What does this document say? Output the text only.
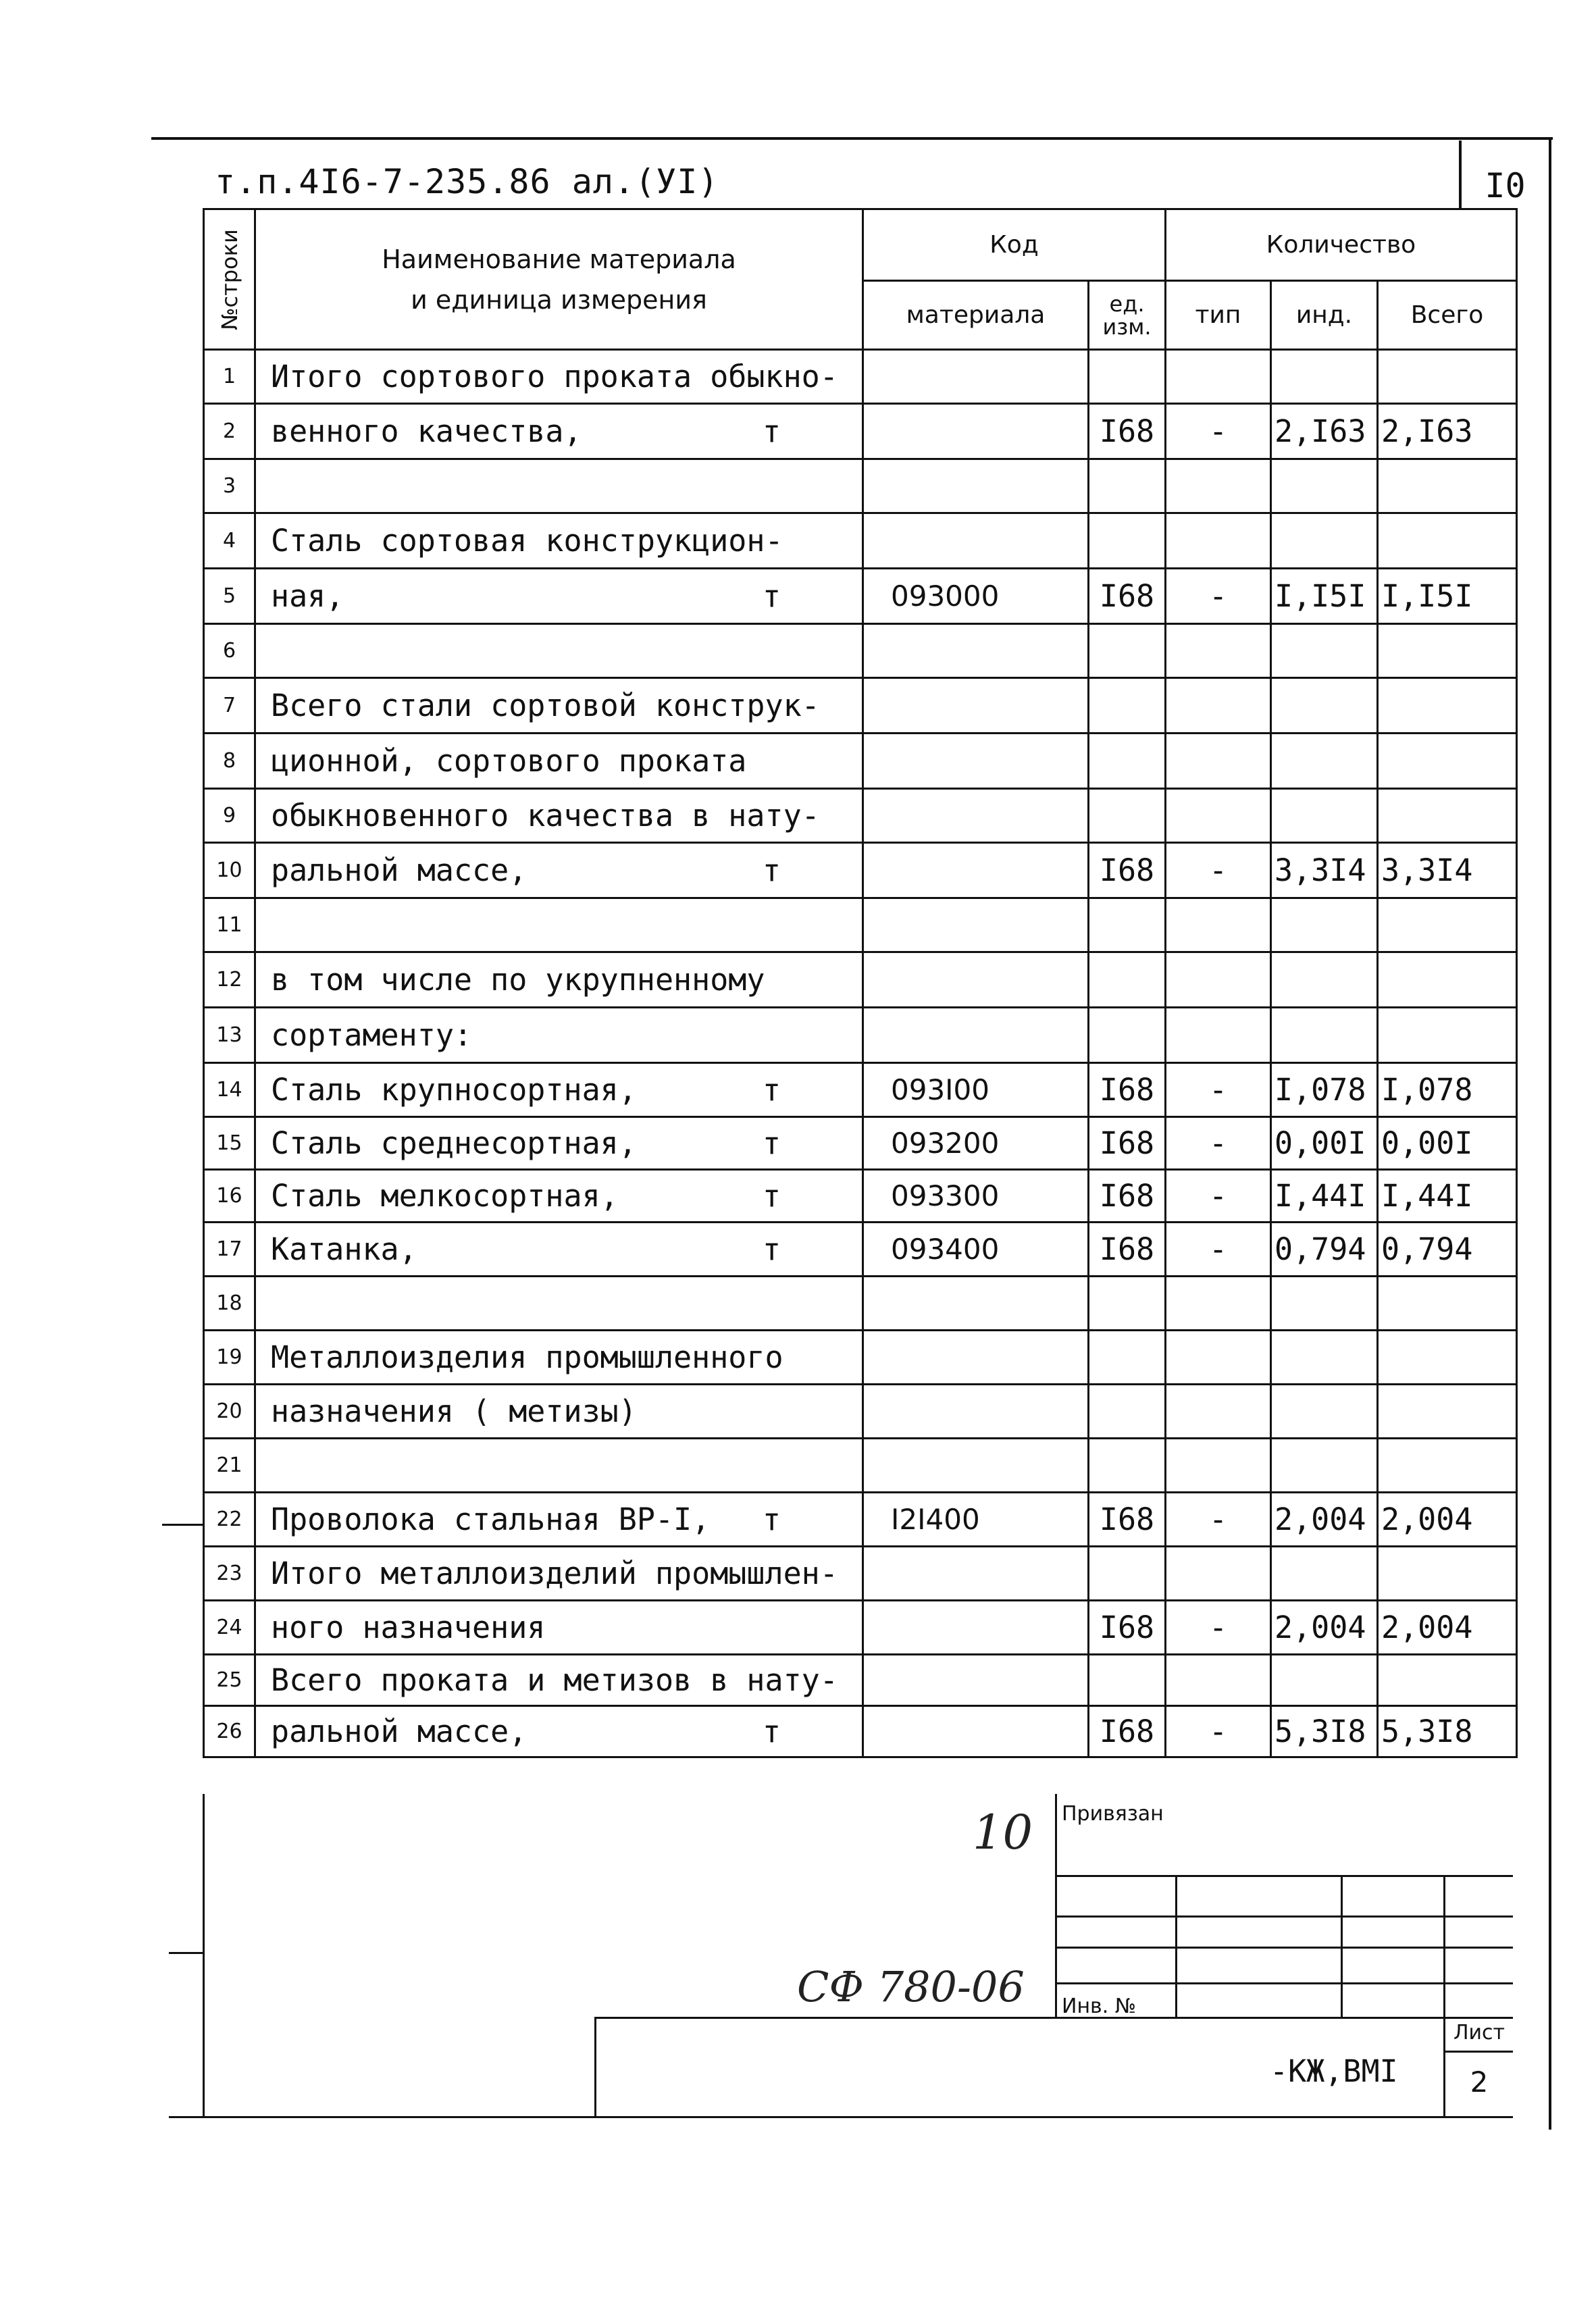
I0
т.п.4I6-7-235.86 ал.(УI)
№строки	Наименование материала
и единица измерения	Код		Количество		
		материала	ед. изм.	тип	инд.	Всего
1	Итого сортового проката обыкно-

2	венного качества, т		I68	-	2,I63	2,I63
3	

4	Сталь сортовая конструкцион-

5	ная, т	093000	I68	-	I,I5I	I,I5I
6	

7	Всего стали сортовой конструк-

8	ционной, сортового проката

9	обыкновенного качества в нату-

10	ральной массе, т		I68	-	3,3I4	3,3I4
11	

12	в том числе по укрупненному

13	сортаменту:

14	Сталь крупносортная, т	093I00	I68	-	I,078	I,078
15	Сталь среднесортная, т	093200	I68	-	0,00I	0,00I
16	Сталь мелкосортная, т	093300	I68	-	I,44I	I,44I
17	Катанка, т	093400	I68	-	0,794	0,794
18	

19	Металлоизделия промышленного

20	назначения ( метизы)

21	

22	Проволока стальная ВР-I, т	I2I400	I68	-	2,004	2,004
23	Итого металлоизделий промышлен-

24	ного назначения		I68	-	2,004	2,004
25	Всего проката и метизов в нату-

26	ральной массе, т		I68	-	5,3I8	5,3I8
10
СФ 780-06
Привязан
Инв. №
-КЖ,ВМI
Лист
2
